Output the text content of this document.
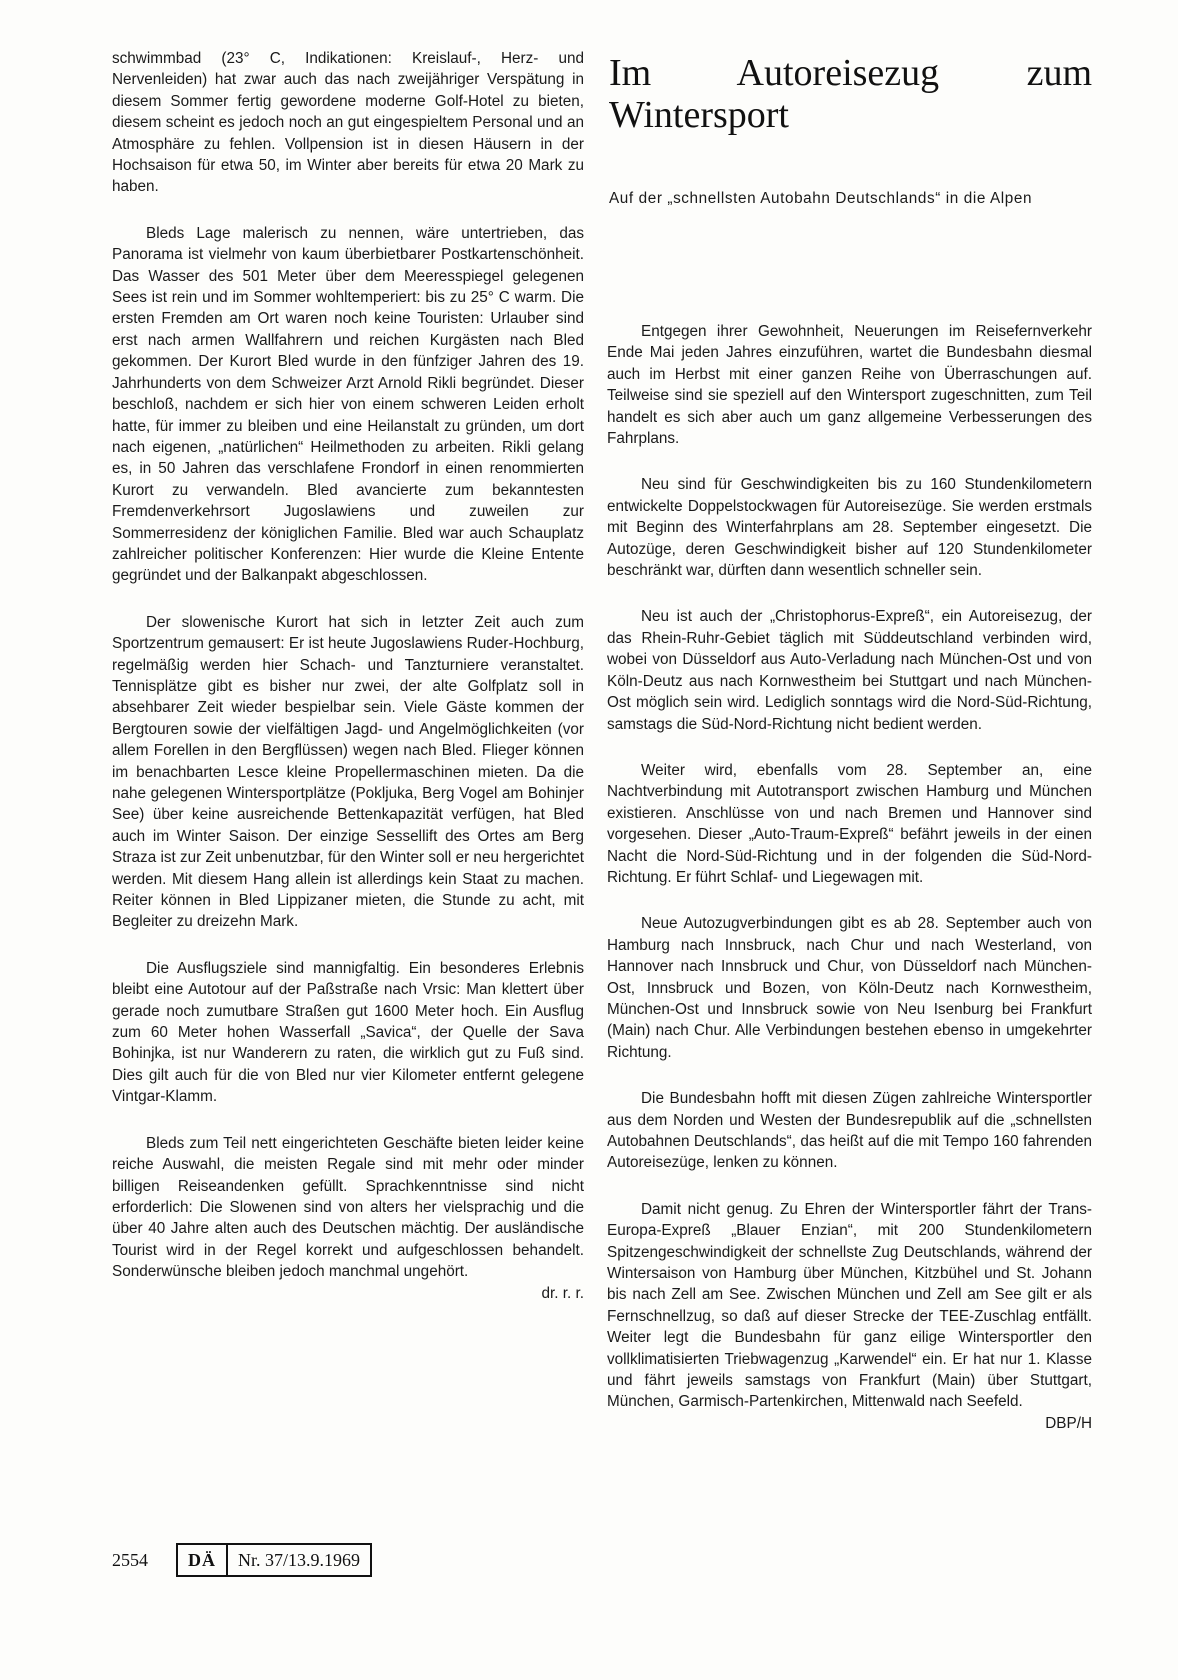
schwimmbad (23° C, Indikationen: Kreislauf-, Herz- und Nervenleiden) hat zwar auch das nach zweijähriger Verspätung in diesem Sommer fertig gewordene moderne Golf-Hotel zu bieten, diesem scheint es jedoch noch an gut eingespieltem Personal und an Atmosphäre zu fehlen. Vollpension ist in diesen Häusern in der Hochsaison für etwa 50, im Winter aber bereits für etwa 20 Mark zu haben.

Bleds Lage malerisch zu nennen, wäre untertrieben, das Panorama ist vielmehr von kaum überbietbarer Postkartenschönheit. Das Wasser des 501 Meter über dem Meeresspiegel gelegenen Sees ist rein und im Sommer wohltemperiert: bis zu 25° C warm. Die ersten Fremden am Ort waren noch keine Touristen: Urlauber sind erst nach armen Wallfahrern und reichen Kurgästen nach Bled gekommen. Der Kurort Bled wurde in den fünfziger Jahren des 19. Jahrhunderts von dem Schweizer Arzt Arnold Rikli begründet. Dieser beschloß, nachdem er sich hier von einem schweren Leiden erholt hatte, für immer zu bleiben und eine Heilanstalt zu gründen, um dort nach eigenen, „natürlichen“ Heilmethoden zu arbeiten. Rikli gelang es, in 50 Jahren das verschlafene Frondorf in einen renommierten Kurort zu verwandeln. Bled avancierte zum bekanntesten Fremdenverkehrsort Jugoslawiens und zuweilen zur Sommerresidenz der königlichen Familie. Bled war auch Schauplatz zahlreicher politischer Konferenzen: Hier wurde die Kleine Entente gegründet und der Balkanpakt abgeschlossen.

Der slowenische Kurort hat sich in letzter Zeit auch zum Sportzentrum gemausert: Er ist heute Jugoslawiens Ruder-Hochburg, regelmäßig werden hier Schach- und Tanzturniere veranstaltet. Tennisplätze gibt es bisher nur zwei, der alte Golfplatz soll in absehbarer Zeit wieder bespielbar sein. Viele Gäste kommen der Bergtouren sowie der vielfältigen Jagd- und Angelmöglichkeiten (vor allem Forellen in den Bergflüssen) wegen nach Bled. Flieger können im benachbarten Lesce kleine Propellermaschinen mieten. Da die nahe gelegenen Wintersportplätze (Pokljuka, Berg Vogel am Bohinjer See) über keine ausreichende Bettenkapazität verfügen, hat Bled auch im Winter Saison. Der einzige Sessellift des Ortes am Berg Straza ist zur Zeit unbenutzbar, für den Winter soll er neu hergerichtet werden. Mit diesem Hang allein ist allerdings kein Staat zu machen. Reiter können in Bled Lippizaner mieten, die Stunde zu acht, mit Begleiter zu dreizehn Mark.

Die Ausflugsziele sind mannigfaltig. Ein besonderes Erlebnis bleibt eine Autotour auf der Paßstraße nach Vrsic: Man klettert über gerade noch zumutbare Straßen gut 1600 Meter hoch. Ein Ausflug zum 60 Meter hohen Wasserfall „Savica“, der Quelle der Sava Bohinjka, ist nur Wanderern zu raten, die wirklich gut zu Fuß sind. Dies gilt auch für die von Bled nur vier Kilometer entfernt gelegene Vintgar-Klamm.

Bleds zum Teil nett eingerichteten Geschäfte bieten leider keine reiche Auswahl, die meisten Regale sind mit mehr oder minder billigen Reiseandenken gefüllt. Sprachkenntnisse sind nicht erforderlich: Die Slowenen sind von alters her vielsprachig und die über 40 Jahre alten auch des Deutschen mächtig. Der ausländische Tourist wird in der Regel korrekt und aufgeschlossen behandelt. Sonderwünsche bleiben jedoch manchmal ungehört.

dr. r. r.
Im Autoreisezug zum Wintersport
Auf der „schnellsten Autobahn Deutschlands“ in die Alpen

Entgegen ihrer Gewohnheit, Neuerungen im Reisefernverkehr Ende Mai jeden Jahres einzuführen, wartet die Bundesbahn diesmal auch im Herbst mit einer ganzen Reihe von Überraschungen auf. Teilweise sind sie speziell auf den Wintersport zugeschnitten, zum Teil handelt es sich aber auch um ganz allgemeine Verbesserungen des Fahrplans.

Neu sind für Geschwindigkeiten bis zu 160 Stundenkilometern entwickelte Doppelstockwagen für Autoreisezüge. Sie werden erstmals mit Beginn des Winterfahrplans am 28. September eingesetzt. Die Autozüge, deren Geschwindigkeit bisher auf 120 Stundenkilometer beschränkt war, dürften dann wesentlich schneller sein.

Neu ist auch der „Christophorus-Expreß“, ein Autoreisezug, der das Rhein-Ruhr-Gebiet täglich mit Süddeutschland verbinden wird, wobei von Düsseldorf aus Auto-Verladung nach München-Ost und von Köln-Deutz aus nach Kornwestheim bei Stuttgart und nach München-Ost möglich sein wird. Lediglich sonntags wird die Nord-Süd-Richtung, samstags die Süd-Nord-Richtung nicht bedient werden.

Weiter wird, ebenfalls vom 28. September an, eine Nachtverbindung mit Autotransport zwischen Hamburg und München existieren. Anschlüsse von und nach Bremen und Hannover sind vorgesehen. Dieser „Auto-Traum-Expreß“ befährt jeweils in der einen Nacht die Nord-Süd-Richtung und in der folgenden die Süd-Nord-Richtung. Er führt Schlaf- und Liegewagen mit.

Neue Autozugverbindungen gibt es ab 28. September auch von Hamburg nach Innsbruck, nach Chur und nach Westerland, von Hannover nach Innsbruck und Chur, von Düsseldorf nach München-Ost, Innsbruck und Bozen, von Köln-Deutz nach Kornwestheim, München-Ost und Innsbruck sowie von Neu Isenburg bei Frankfurt (Main) nach Chur. Alle Verbindungen bestehen ebenso in umgekehrter Richtung.

Die Bundesbahn hofft mit diesen Zügen zahlreiche Wintersportler aus dem Norden und Westen der Bundesrepublik auf die „schnellsten Autobahnen Deutschlands“, das heißt auf die mit Tempo 160 fahrenden Autoreisezüge, lenken zu können.

Damit nicht genug. Zu Ehren der Wintersportler fährt der Trans-Europa-Expreß „Blauer Enzian“, mit 200 Stundenkilometern Spitzengeschwindigkeit der schnellste Zug Deutschlands, während der Wintersaison von Hamburg über München, Kitzbühel und St. Johann bis nach Zell am See. Zwischen München und Zell am See gilt er als Fernschnellzug, so daß auf dieser Strecke der TEE-Zuschlag entfällt. Weiter legt die Bundesbahn für ganz eilige Wintersportler den vollklimatisierten Triebwagenzug „Karwendel“ ein. Er hat nur 1. Klasse und fährt jeweils samstags von Frankfurt (Main) über Stuttgart, München, Garmisch-Partenkirchen, Mittenwald nach Seefeld.

DBP/H
2554	DÄ	Nr. 37/13.9.1969
